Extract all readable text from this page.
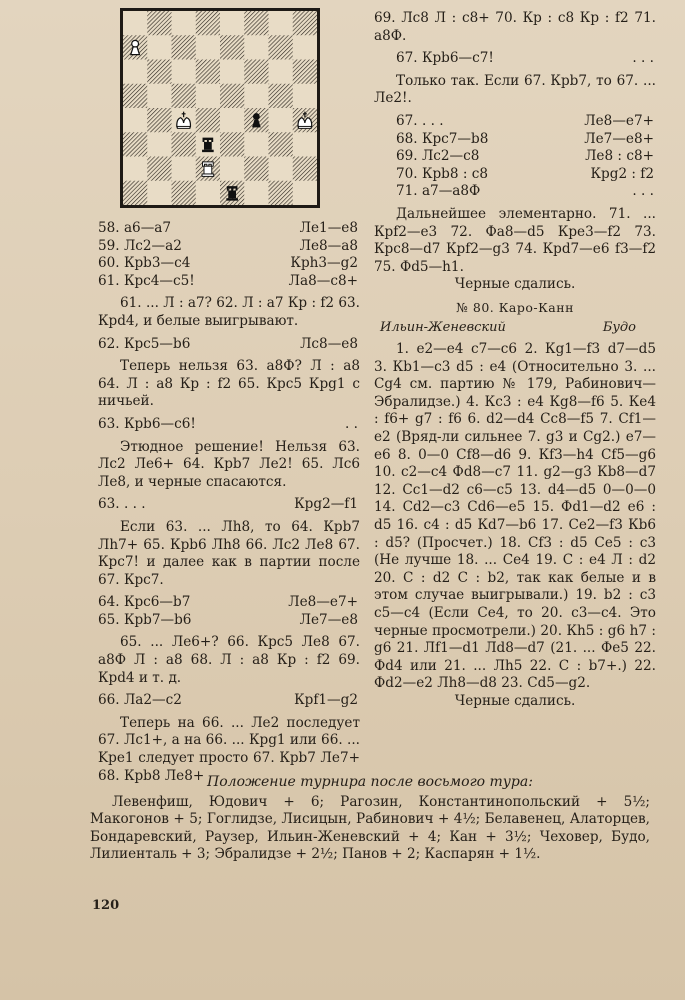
58. а6—а7	Ле1—е8
59. Лс2—а2	Ле8—а8
60. Кpb3—c4	Кph3—g2
61. Кpc4—c5!	Ла8—с8+

61. ... Л : а7? 62. Л : а7 Кр : f2 63. Крd4, и белые выигрывают.

62. Кpc5—b6	Лс8—е8

Теперь нельзя 63. а8Ф? Л : а8 64. Л : а8 Кр : f2 65. Крс5 Крg1 с ничьей.

63. Кpb6—c6!	. .

Этюдное решение! Нельзя 63. Лс2 Ле6+ 64. Крb7 Ле2! 65. Лс6 Ле8, и черные спасаются.

63. . . .	Кpg2—f1

Если 63. ... Лh8, то 64. Крb7 Лh7+ 65. Крb6 Лh8 66. Лс2 Ле8 67. Крс7! и далее как в партии после 67. Крс7.

64. Кpc6—b7	Ле8—е7+
65. Кpb7—b6	Ле7—е8

65. ... Ле6+? 66. Крс5 Ле8 67. а8Ф Л : а8 68. Л : а8 Кр : f2 69. Крd4 и т. д.

66. Ла2—с2	Кpf1—g2

Теперь на 66. ... Ле2 последует 67. Лс1+, а на 66. ... Крg1 или 66. ... Kpe1 следует просто 67. Крb7 Ле7+ 68. Крb8 Ле8+

69. Лс8 Л : с8+ 70. Кр : с8 Кр : f2 71. а8Ф.

67. Кpb6—c7!	. . .

Только так. Если 67. Крb7, то 67. ... Ле2!.

67. . . .	Ле8—е7+
68. Кpc7—b8	Ле7—е8+
69. Лс2—с8	Ле8 : с8+
70. Кpb8 : c8	Кpg2 : f2
71. а7—а8Ф	. . .

Дальнейшее элементарно. 71. ... Крf2—е3 72. Фа8—d5 Кре3—f2 73. Крс8—d7 Крf2—g3 74. Крd7—е6 f3—f2 75. Фd5—h1.

Черные сдались.

№ 80. Каро-Канн
Ильин-Женевский	Будо

1. е2—е4 с7—с6 2. Кg1—f3 d7—d5 3. Кb1—с3 d5 : е4 (Относительно 3. ... Сg4 см. партию № 179, Рабинович—Эбралидзе.) 4. Кс3 : е4 Кg8—f6 5. Ке4 : f6+ g7 : f6 6. d2—d4 Сс8—f5 7. Сf1—е2 (Вряд-ли сильнее 7. g3 и Сg2.) е7—е6 8. 0—0 Сf8—d6 9. Кf3—h4 Сf5—g6 10. с2—с4 Фd8—с7 11. g2—g3 Кb8—d7 12. Сс1—d2 с6—с5 13. d4—d5 0—0—0 14. Сd2—с3 Сd6—е5 15. Фd1—d2 е6 : d5 16. с4 : d5 Кd7—b6 17. Се2—f3 Кb6 : d5? (Просчет.) 18. Сf3 : d5 Се5 : с3 (Не лучше 18. ... Се4 19. С : е4 Л : d2 20. С : d2 С : b2, так как белые и в этом случае выигрывали.) 19. b2 : с3 с5—с4 (Если Се4, то 20. с3—с4. Это черные просмотрели.) 20. Кh5 : g6 h7 : g6 21. Лf1—d1 Лd8—d7 (21. ... Фе5 22. Фd4 или 21. ... Лh5 22. С : b7+.) 22. Фd2—е2 Лh8—d8 23. Сd5—g2.

Черные сдались.

Положение турнира после восьмого тура:

Левенфиш, Юдович + 6; Рагозин, Константинопольский + 5½; Макогонов + 5; Гоглидзе, Лисицын, Рабинович + 4½; Белавенец, Алаторцев, Бондаревский, Раузер, Ильин-Женевский + 4; Кан + 3½; Чеховер, Будо, Лилиенталь + 3; Эбралидзе + 2½; Панов + 2; Каспарян + 1½.

120
